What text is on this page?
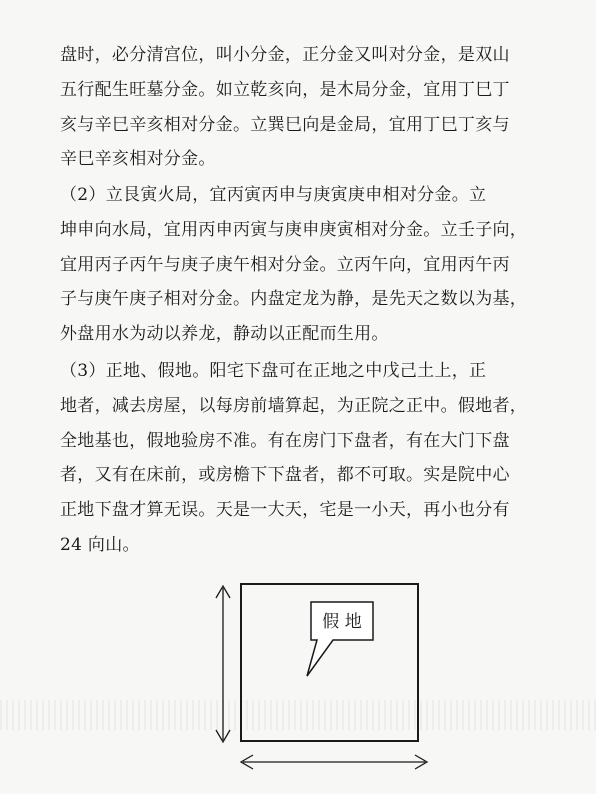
盘时，必分清宫位，叫小分金，正分金又叫对分金，是双山
五行配生旺墓分金。如立乾亥向，是木局分金，宜用丁巳丁
亥与辛巳辛亥相对分金。立巽巳向是金局，宜用丁巳丁亥与
辛巳辛亥相对分金。

（2）立艮寅火局，宜丙寅丙申与庚寅庚申相对分金。立
坤申向水局，宜用丙申丙寅与庚申庚寅相对分金。立壬子向，
宜用丙子丙午与庚子庚午相对分金。立丙午向，宜用丙午丙
子与庚午庚子相对分金。内盘定龙为静，是先天之数以为基，
外盘用水为动以养龙，静动以正配而生用。

（3）正地、假地。阳宅下盘可在正地之中戊己土上，正
地者，减去房屋，以每房前墙算起，为正院之正中。假地者，
全地基也，假地验房不准。有在房门下盘者，有在大门下盘
者，又有在床前，或房檐下下盘者，都不可取。实是院中心
正地下盘才算无误。天是一大天，宅是一小天，再小也分有
24 向山。

假 地
